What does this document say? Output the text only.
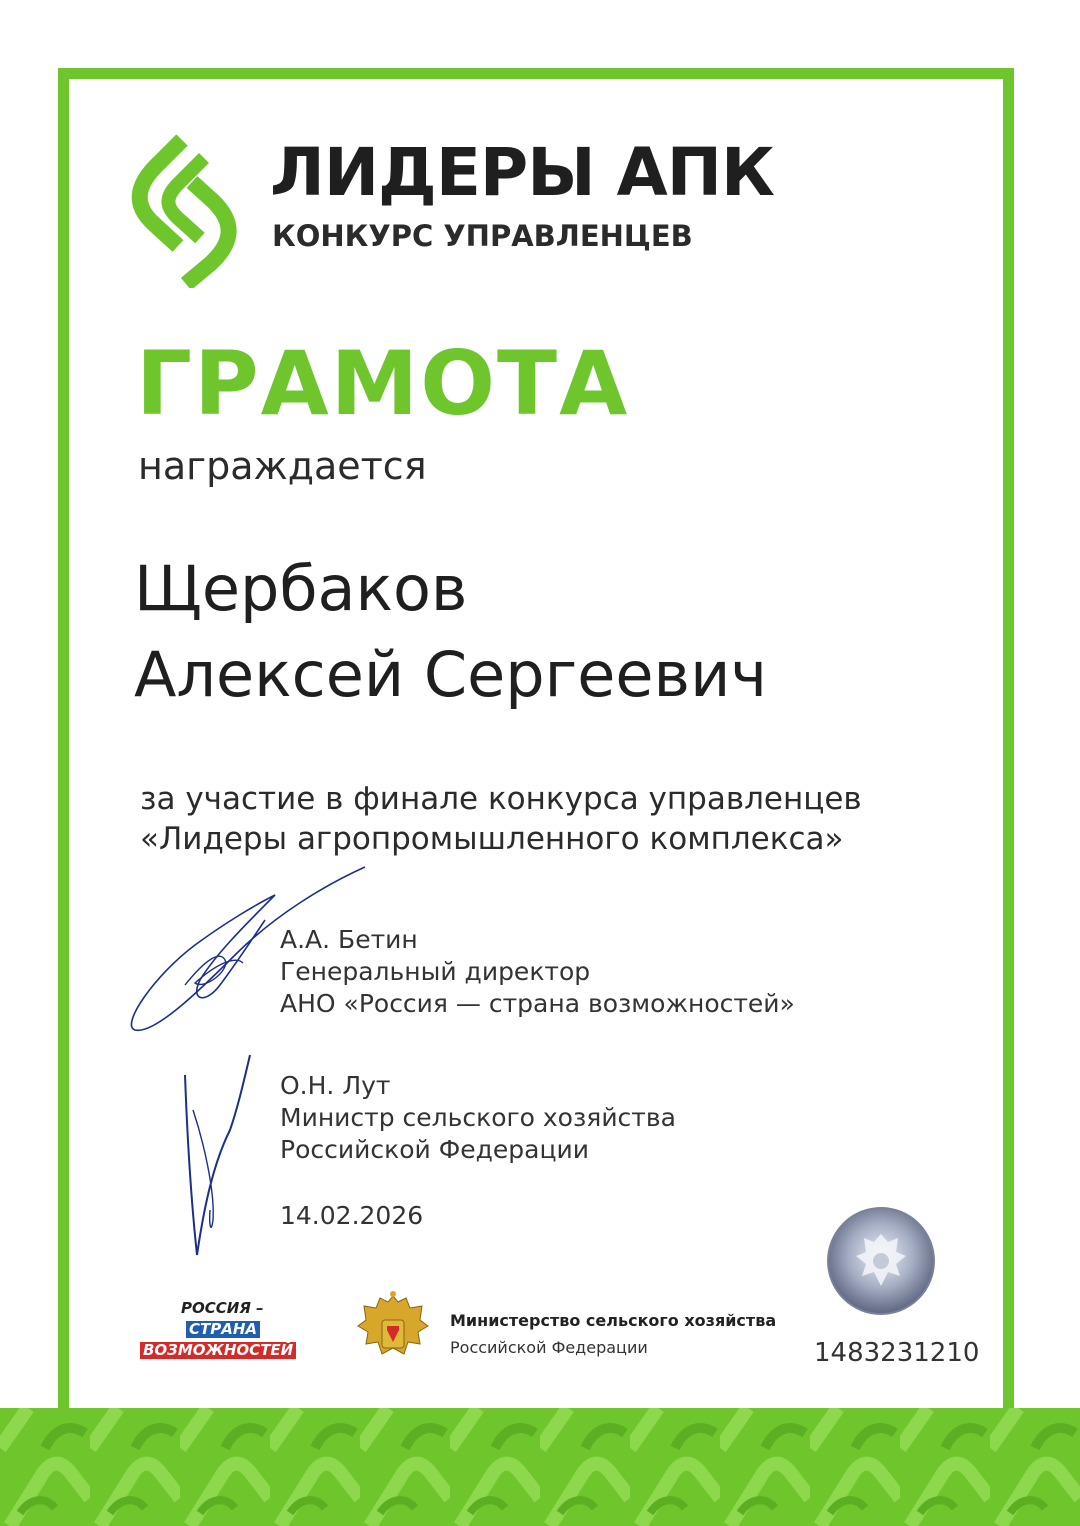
ЛИДЕРЫ АПК
КОНКУРС УПРАВЛЕНЦЕВ
ГРАМОТА
награждается
Щербаков
Алексей Сергеевич
за участие в финале конкурса управленцев
«Лидеры агропромышленного комплекса»
А.А. Бетин
Генеральный директор
АНО «Россия — страна возможностей»
О.Н. Лут
Министр сельского хозяйства
Российской Федерации
14.02.2026
1483231210
РОССИЯ –
СТРАНА
ВОЗМОЖНОСТЕЙ
Министерство сельского хозяйства
Российской Федерации
